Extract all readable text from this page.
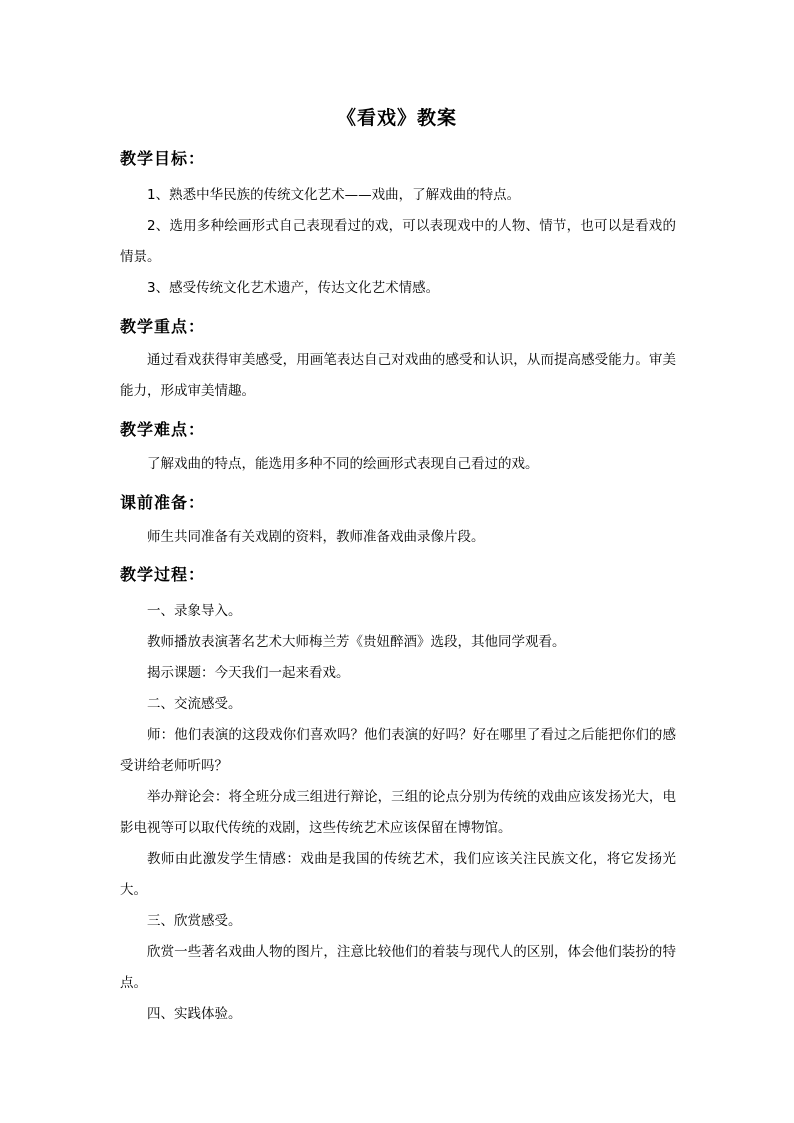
《看戏》教案
教学目标：
1、熟悉中华民族的传统文化艺术——戏曲，了解戏曲的特点。
2、选用多种绘画形式自己表现看过的戏，可以表现戏中的人物、情节，也可以是看戏的情景。
3、感受传统文化艺术遗产，传达文化艺术情感。
教学重点：
通过看戏获得审美感受，用画笔表达自己对戏曲的感受和认识，从而提高感受能力。审美能力，形成审美情趣。
教学难点：
了解戏曲的特点，能选用多种不同的绘画形式表现自己看过的戏。
课前准备：
师生共同准备有关戏剧的资料，教师准备戏曲录像片段。
教学过程：
一、录象导入。
教师播放表演著名艺术大师梅兰芳《贵妞醉酒》选段，其他同学观看。
揭示课题：今天我们一起来看戏。
二、交流感受。
师：他们表演的这段戏你们喜欢吗？他们表演的好吗？好在哪里了看过之后能把你们的感受讲给老师听吗？
举办辩论会：将全班分成三组进行辩论，三组的论点分别为传统的戏曲应该发扬光大，电影电视等可以取代传统的戏剧，这些传统艺术应该保留在博物馆。
教师由此激发学生情感：戏曲是我国的传统艺术，我们应该关注民族文化，将它发扬光大。
三、欣赏感受。
欣赏一些著名戏曲人物的图片，注意比较他们的着装与现代人的区别，体会他们装扮的特点。
四、实践体验。
